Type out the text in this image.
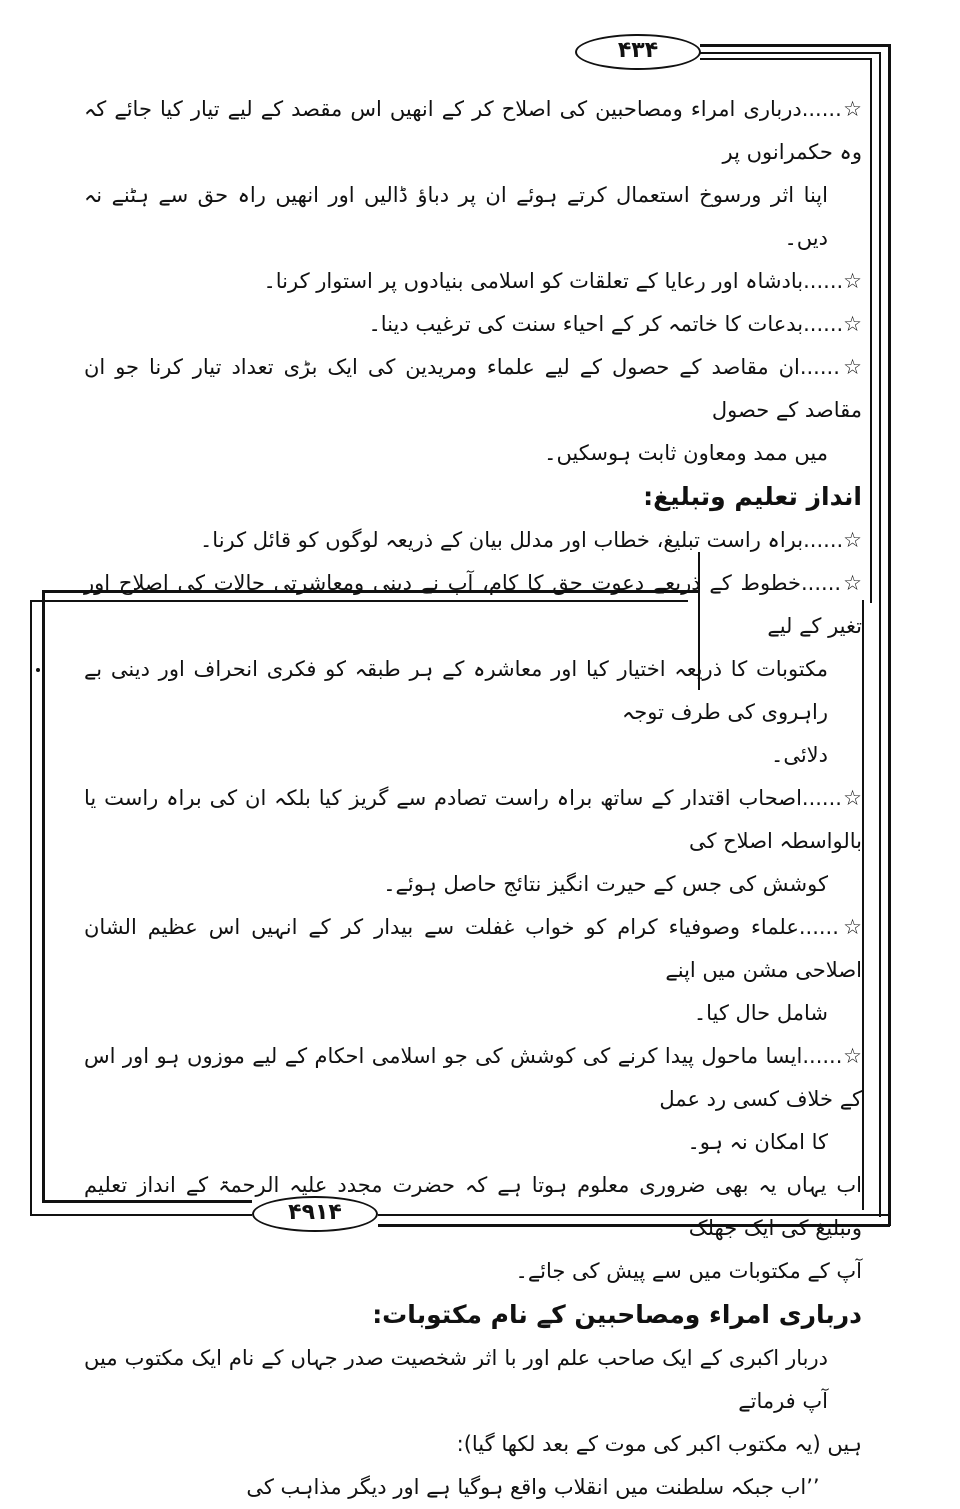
۴۳۴
۴۹۱۴

☆......درباری امراء ومصاحبین کی اصلاح کر کے انھیں اس مقصد کے لیے تیار کیا جائے کہ وہ حکمرانوں پر

اپنا اثر ورسوخ استعمال کرتے ہوئے ان پر دباؤ ڈالیں اور انھیں راہ حق سے ہٹنے نہ دیں۔

☆......بادشاہ اور رعایا کے تعلقات کو اسلامی بنیادوں پر استوار کرنا۔

☆......بدعات کا خاتمہ کر کے احیاء سنت کی ترغیب دینا۔

☆......ان مقاصد کے حصول کے لیے علماء ومریدین کی ایک بڑی تعداد تیار کرنا جو ان مقاصد کے حصول

میں ممد ومعاون ثابت ہوسکیں۔

انداز تعلیم وتبلیغ:

☆......براہ راست تبلیغ، خطاب اور مدلل بیان کے ذریعہ لوگوں کو قائل کرنا۔

☆......خطوط کے ذریعے دعوت حق کا کام، آپ نے دینی ومعاشرتی حالات کی اصلاح اور تغیر کے لیے

مکتوبات کا ذریعہ اختیار کیا اور معاشرہ کے ہر طبقہ کو فکری انحراف اور دینی بے راہروی کی طرف توجہ

دلائی۔

☆......اصحاب اقتدار کے ساتھ براہ راست تصادم سے گریز کیا بلکہ ان کی براہ راست یا بالواسطہ اصلاح کی

کوشش کی جس کے حیرت انگیز نتائج حاصل ہوئے۔

☆......علماء وصوفیاء کرام کو خواب غفلت سے بیدار کر کے انہیں اس عظیم الشان اصلاحی مشن میں اپنے

شامل حال کیا۔

☆......ایسا ماحول پیدا کرنے کی کوشش کی جو اسلامی احکام کے لیے موزوں ہو اور اس کے خلاف کسی رد عمل

کا امکان نہ ہو۔

اب یہاں یہ بھی ضروری معلوم ہوتا ہے کہ حضرت مجدد علیہ الرحمۃ کے انداز تعلیم وتبلیغ کی ایک جھلک

آپ کے مکتوبات میں سے پیش کی جائے۔

درباری امراء ومصاحبین کے نام مکتوبات:

دربار اکبری کے ایک صاحب علم اور با اثر شخصیت صدر جہاں کے نام ایک مکتوب میں آپ فرماتے

ہیں (یہ مکتوب اکبر کی موت کے بعد لکھا گیا):

’’اب جبکہ سلطنت میں انقلاب واقع ہوگیا ہے اور دیگر مذاہب کی
